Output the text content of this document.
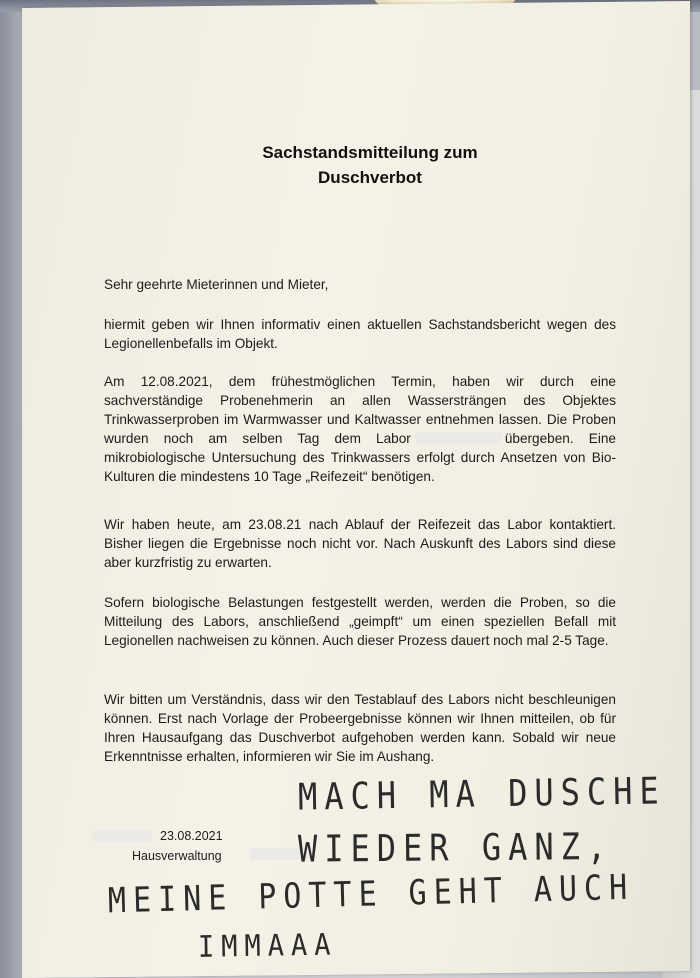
Sachstandsmitteilung zum
Duschverbot
Sehr geehrte Mieterinnen und Mieter,
hiermit geben wir Ihnen informativ einen aktuellen Sachstandsbericht wegen des Legionellenbefalls im Objekt.
Am 12.08.2021, dem frühestmöglichen Termin, haben wir durch eine sachverständige Probenehmerin an allen Wassersträngen des Objektes Trinkwasserproben im Warmwasser und Kaltwasser entnehmen lassen. Die Proben wurden noch am selben Tag dem Labor	übergeben. Eine mikrobiologische Untersuchung des Trinkwassers erfolgt durch Ansetzen von Bio-Kulturen die mindestens 10 Tage „Reifezeit“ benötigen.
Wir haben heute, am 23.08.21 nach Ablauf der Reifezeit das Labor kontaktiert. Bisher liegen die Ergebnisse noch nicht vor. Nach Auskunft des Labors sind diese aber kurzfristig zu erwarten.
Sofern biologische Belastungen festgestellt werden, werden die Proben, so die Mitteilung des Labors, anschließend „geimpft“ um einen speziellen Befall mit Legionellen nachweisen zu können. Auch dieser Prozess dauert noch mal 2-5 Tage.
Wir bitten um Verständnis, dass wir den Testablauf des Labors nicht beschleunigen können. Erst nach Vorlage der Probeergebnisse können wir Ihnen mitteilen, ob für Ihren Hausaufgang das Duschverbot aufgehoben werden kann. Sobald wir neue Erkenntnisse erhalten, informieren wir Sie im Aushang.
23.08.2021
Hausverwaltung
MACH MA DUSCHE
WIEDER GANZ,
MEINE POTTE GEHT AUCH
IMMAAA
